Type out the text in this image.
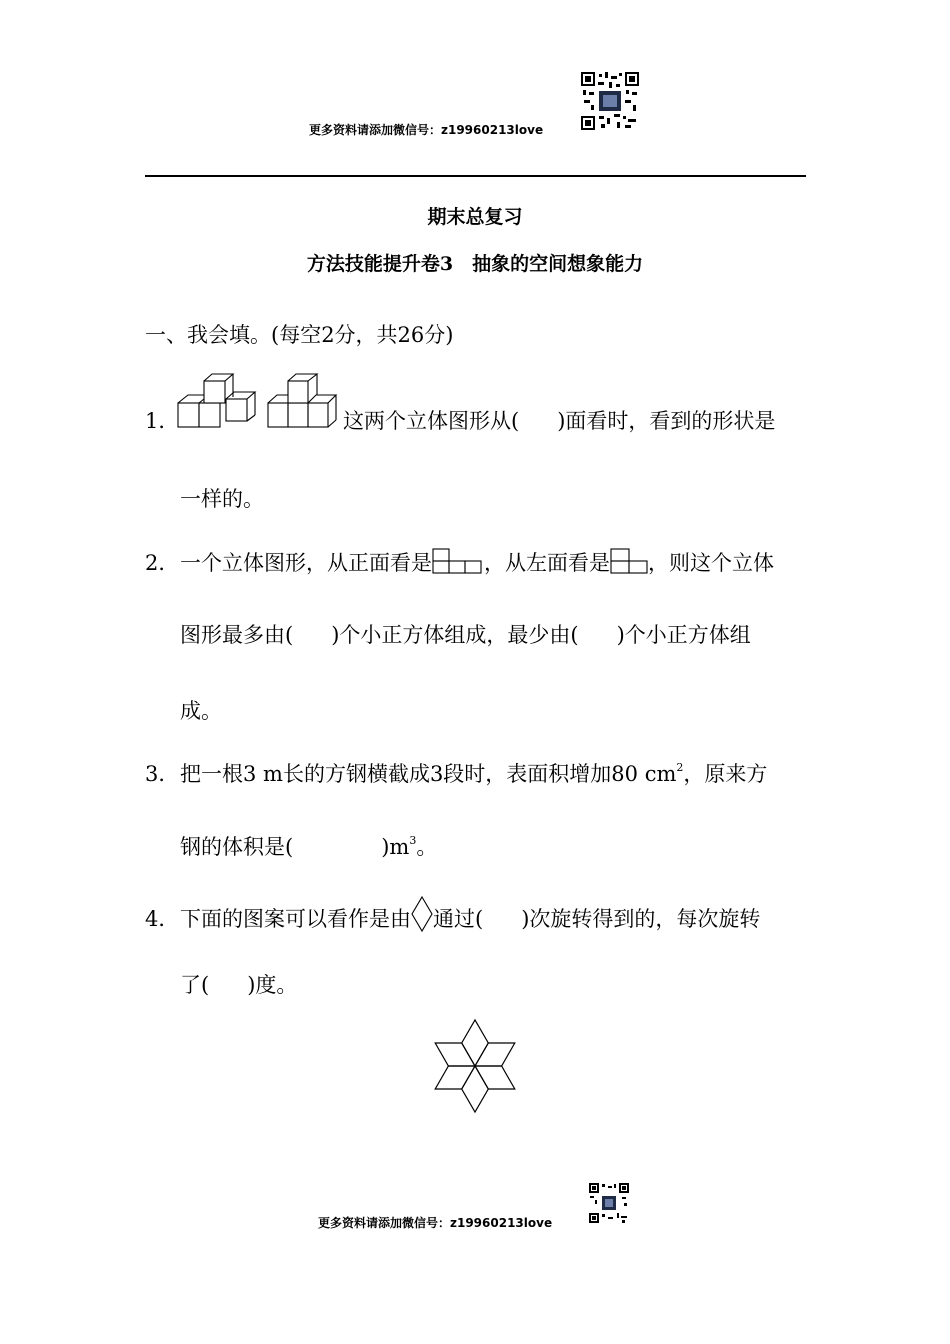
更多资料请添加微信号：z19960213love
期末总复习
方法技能提升卷3　抽象的空间想象能力
一、我会填。(每空2分，共26分)
1．	这两个立体图形从( )面看时，看到的形状是
一样的。
2．一个立体图形，从正面看是 ，从左面看是 ，则这个立体
图形最多由( )个小正方体组成，最少由( )个小正方体组
成。
3．把一根3 m长的方钢横截成3段时，表面积增加80 $cm^2$，原来方
钢的体积是(	)$m^3$。
4．下面的图案可以看作是由 通过( )次旋转得到的，每次旋转
了( )度。
更多资料请添加微信号：z19960213love
